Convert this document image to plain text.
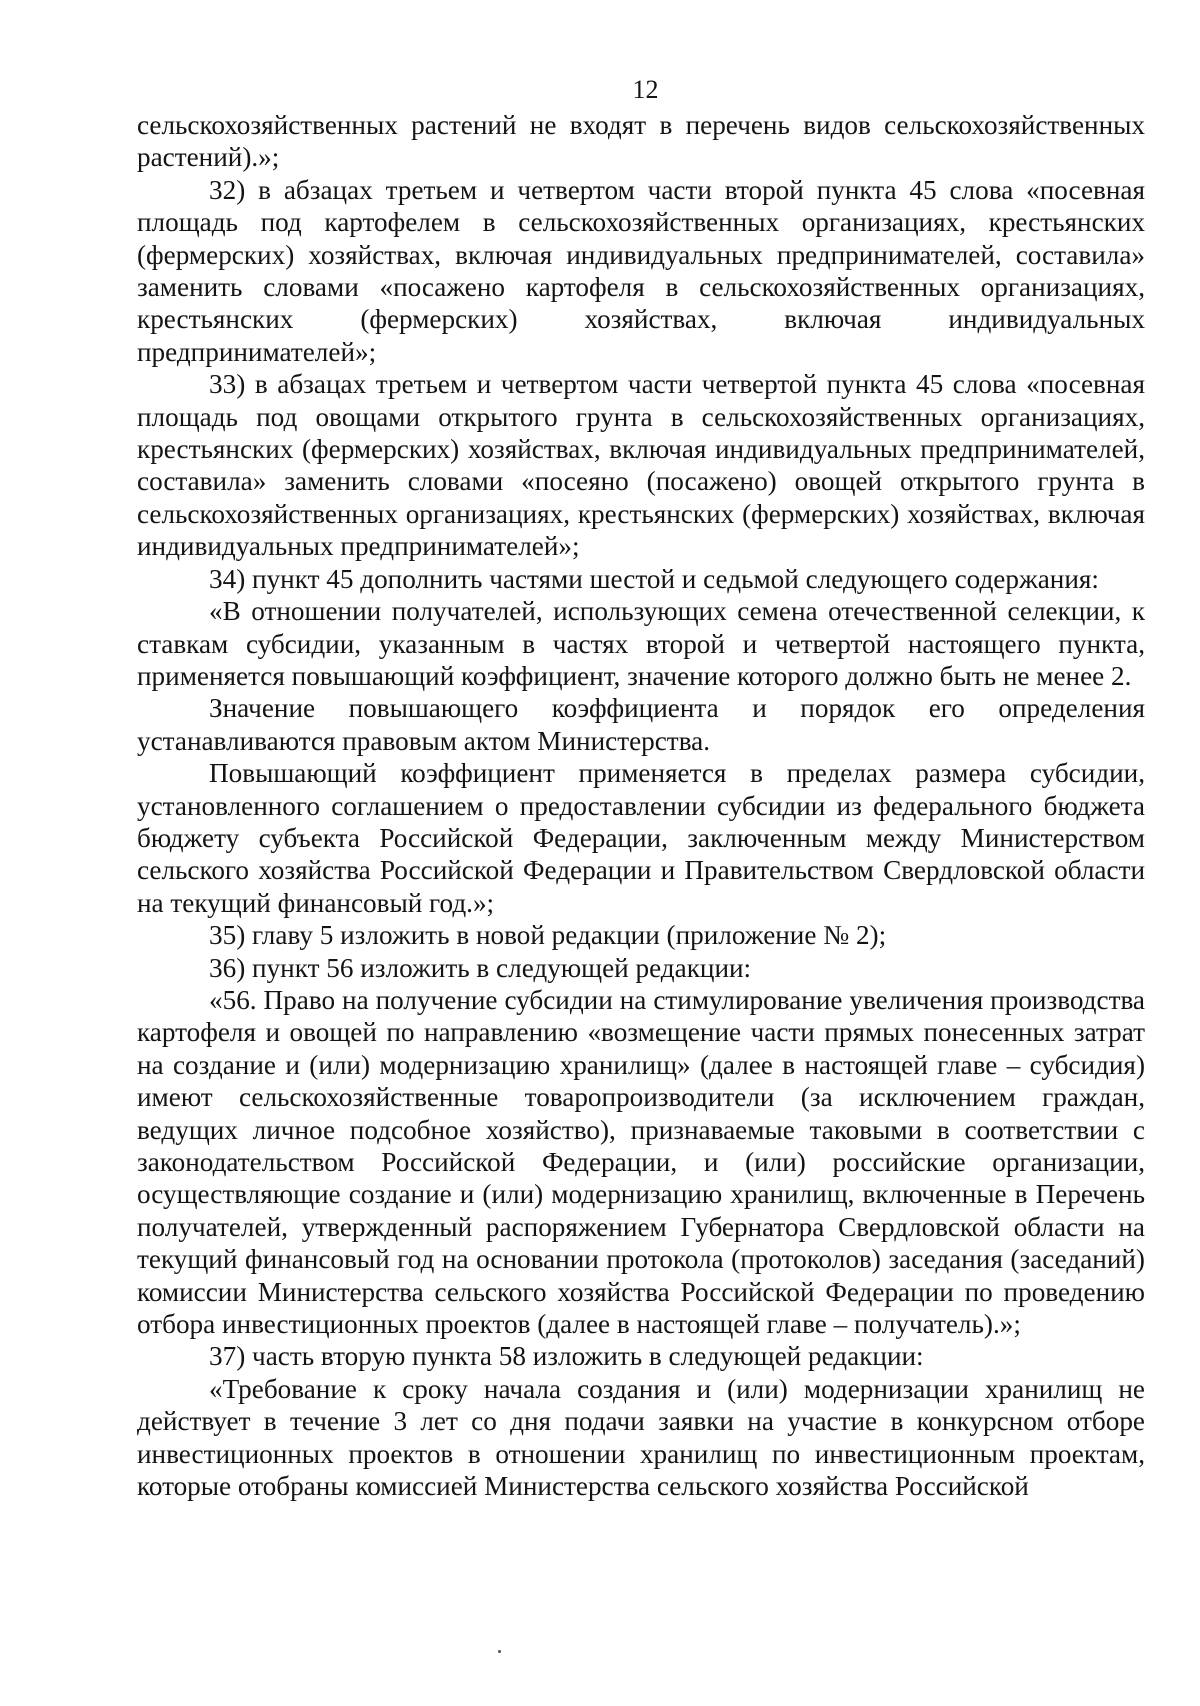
12

сельскохозяйственных растений не входят в перечень видов сельскохозяйственных растений).»;

32) в абзацах третьем и четвертом части второй пункта 45 слова «посевная площадь под картофелем в сельскохозяйственных организациях, крестьянских (фермерских) хозяйствах, включая индивидуальных предпринимателей, составила» заменить словами «посажено картофеля в сельскохозяйственных организациях, крестьянских (фермерских) хозяйствах, включая индивидуальных предпринимателей»;

33) в абзацах третьем и четвертом части четвертой пункта 45 слова «посевная площадь под овощами открытого грунта в сельскохозяйственных организациях, крестьянских (фермерских) хозяйствах, включая индивидуальных предпринимателей, составила» заменить словами «посеяно (посажено) овощей открытого грунта в сельскохозяйственных организациях, крестьянских (фермерских) хозяйствах, включая индивидуальных предпринимателей»;

34) пункт 45 дополнить частями шестой и седьмой следующего содержания:

«В отношении получателей, использующих семена отечественной селекции, к ставкам субсидии, указанным в частях второй и четвертой настоящего пункта, применяется повышающий коэффициент, значение которого должно быть не менее 2.

Значение повышающего коэффициента и порядок его определения устанавливаются правовым актом Министерства.

Повышающий коэффициент применяется в пределах размера субсидии, установленного соглашением о предоставлении субсидии из федерального бюджета бюджету субъекта Российской Федерации, заключенным между Министерством сельского хозяйства Российской Федерации и Правительством Свердловской области на текущий финансовый год.»;

35) главу 5 изложить в новой редакции (приложение № 2);

36) пункт 56 изложить в следующей редакции:

«56. Право на получение субсидии на стимулирование увеличения производства картофеля и овощей по направлению «возмещение части прямых понесенных затрат на создание и (или) модернизацию хранилищ» (далее в настоящей главе – субсидия) имеют сельскохозяйственные товаропроизводители (за исключением граждан, ведущих личное подсобное хозяйство), признаваемые таковыми в соответствии с законодательством Российской Федерации, и (или) российские организации, осуществляющие создание и (или) модернизацию хранилищ, включенные в Перечень получателей, утвержденный распоряжением Губернатора Свердловской области на текущий финансовый год на основании протокола (протоколов) заседания (заседаний) комиссии Министерства сельского хозяйства Российской Федерации по проведению отбора инвестиционных проектов (далее в настоящей главе – получатель).»;

37) часть вторую пункта 58 изложить в следующей редакции:

«Требование к сроку начала создания и (или) модернизации хранилищ не действует в течение 3 лет со дня подачи заявки на участие в конкурсном отборе инвестиционных проектов в отношении хранилищ по инвестиционным проектам, которые отобраны комиссией Министерства сельского хозяйства Российской
